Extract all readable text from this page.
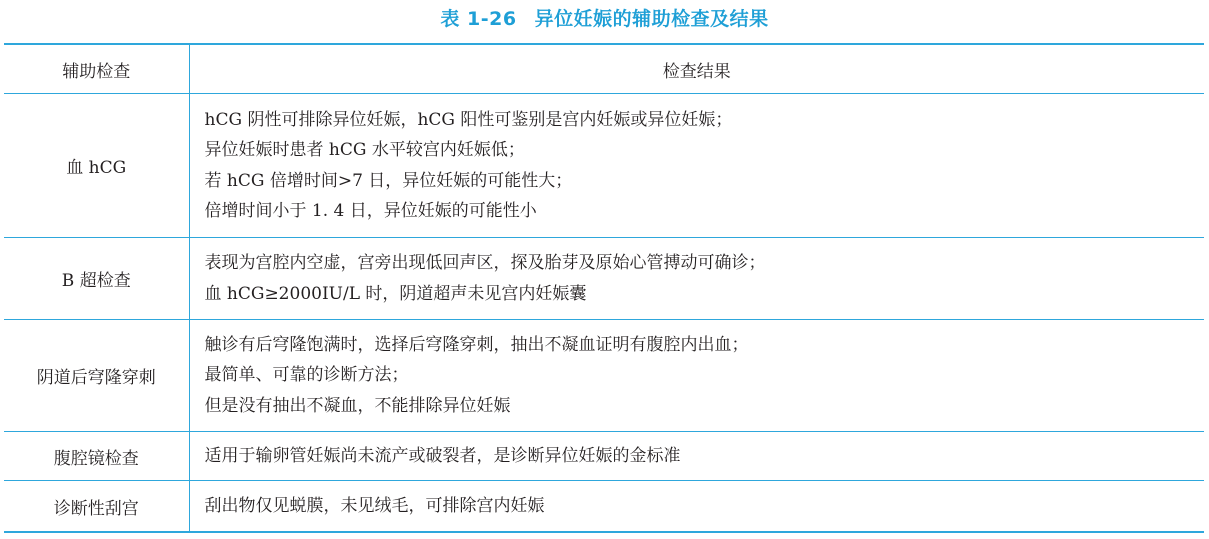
表 1-26 异位妊娠的辅助检查及结果
辅助检查	检查结果
血 hCG	hCG 阴性可排除异位妊娠，hCG 阳性可鉴别是宫内妊娠或异位妊娠；
异位妊娠时患者 hCG 水平较宫内妊娠低；
若 hCG 倍增时间>7 日，异位妊娠的可能性大；
倍增时间小于 1. 4 日，异位妊娠的可能性小

B 超检查	表现为宫腔内空虚，宫旁出现低回声区，探及胎芽及原始心管搏动可确诊；
血 hCG≥2000IU/L 时，阴道超声未见宫内妊娠囊

阴道后穹隆穿刺	触诊有后穹隆饱满时，选择后穹隆穿刺，抽出不凝血证明有腹腔内出血；
最简单、可靠的诊断方法；
但是没有抽出不凝血，不能排除异位妊娠

腹腔镜检查	适用于输卵管妊娠尚未流产或破裂者，是诊断异位妊娠的金标准

诊断性刮宫	刮出物仅见蜕膜，未见绒毛，可排除宫内妊娠
